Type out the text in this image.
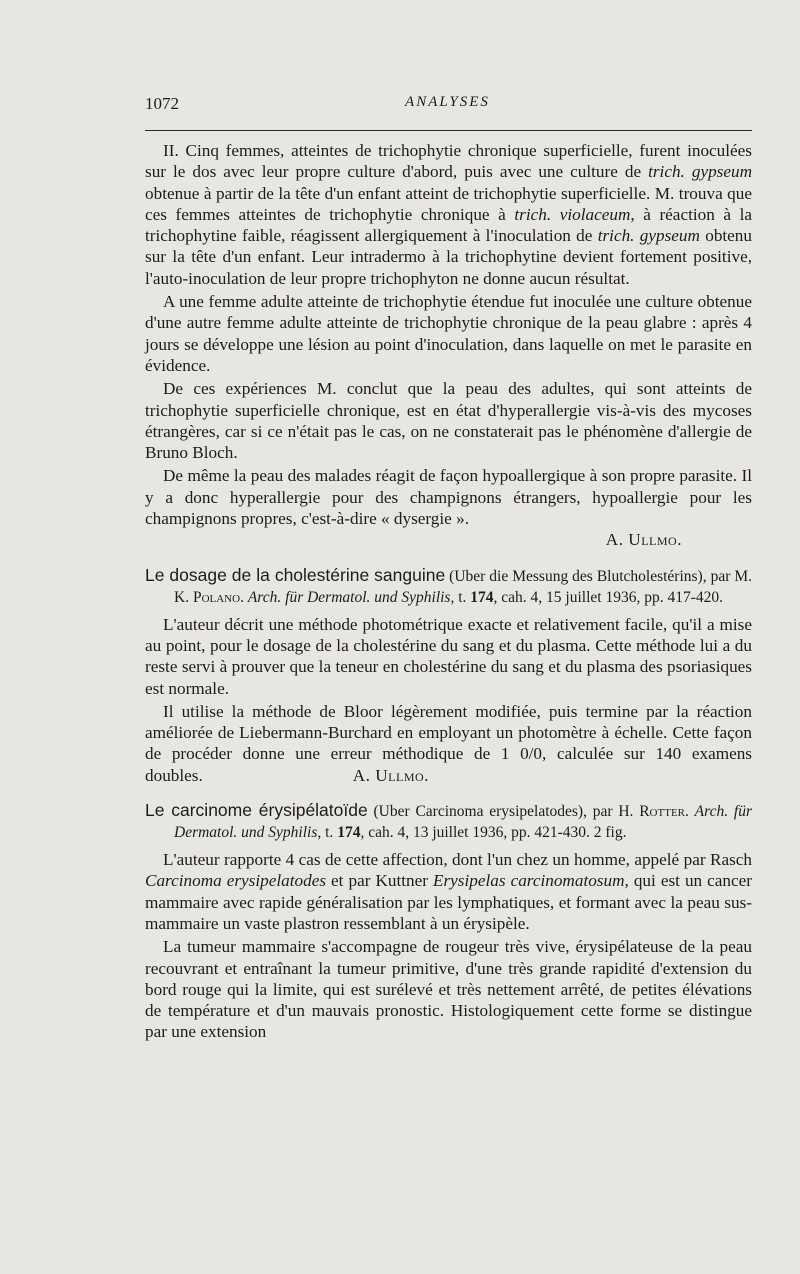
1072	ANALYSES

II. Cinq femmes, atteintes de trichophytie chronique superficielle, furent inoculées sur le dos avec leur propre culture d'abord, puis avec une culture de trich. gypseum obtenue à partir de la tête d'un enfant atteint de trichophytie superficielle. M. trouva que ces femmes atteintes de trichophytie chronique à trich. violaceum, à réaction à la trichophytine faible, réagissent allergiquement à l'inoculation de trich. gypseum obtenu sur la tête d'un enfant. Leur intradermo à la trichophytine devient fortement positive, l'auto-inoculation de leur propre trichophyton ne donne aucun résultat.

A une femme adulte atteinte de trichophytie étendue fut inoculée une culture obtenue d'une autre femme adulte atteinte de trichophytie chronique de la peau glabre : après 4 jours se développe une lésion au point d'inoculation, dans laquelle on met le parasite en évidence.

De ces expériences M. conclut que la peau des adultes, qui sont atteints de trichophytie superficielle chronique, est en état d'hyperallergie vis-à-vis des mycoses étrangères, car si ce n'était pas le cas, on ne constaterait pas le phénomène d'allergie de Bruno Bloch.

De même la peau des malades réagit de façon hypoallergique à son propre parasite. Il y a donc hyperallergie pour des champignons étrangers, hypoallergie pour les champignons propres, c'est-à-dire « dysergie ».

A. Ullmo.

Le dosage de la cholestérine sanguine (Uber die Messung des Blutcholestérins), par M. K. Polano. Arch. für Dermatol. und Syphilis, t. 174, cah. 4, 15 juillet 1936, pp. 417-420.

L'auteur décrit une méthode photométrique exacte et relativement facile, qu'il a mise au point, pour le dosage de la cholestérine du sang et du plasma. Cette méthode lui a du reste servi à prouver que la teneur en cholestérine du sang et du plasma des psoriasiques est normale.

Il utilise la méthode de Bloor légèrement modifiée, puis termine par la réaction améliorée de Liebermann-Burchard en employant un photomètre à échelle. Cette façon de procéder donne une erreur méthodique de 1 0/0, calculée sur 140 examens doubles.	A. Ullmo.

Le carcinome érysipélatoïde (Uber Carcinoma erysipelatodes), par H. Rotter. Arch. für Dermatol. und Syphilis, t. 174, cah. 4, 13 juillet 1936, pp. 421-430. 2 fig.

L'auteur rapporte 4 cas de cette affection, dont l'un chez un homme, appelé par Rasch Carcinoma erysipelatodes et par Kuttner Erysipelas carcinomatosum, qui est un cancer mammaire avec rapide généralisation par les lymphatiques, et formant avec la peau sus-mammaire un vaste plastron ressemblant à un érysipèle.

La tumeur mammaire s'accompagne de rougeur très vive, érysipélateuse de la peau recouvrant et entraînant la tumeur primitive, d'une très grande rapidité d'extension du bord rouge qui la limite, qui est surélevé et très nettement arrêté, de petites élévations de température et d'un mauvais pronostic. Histologiquement cette forme se distingue par une extension
